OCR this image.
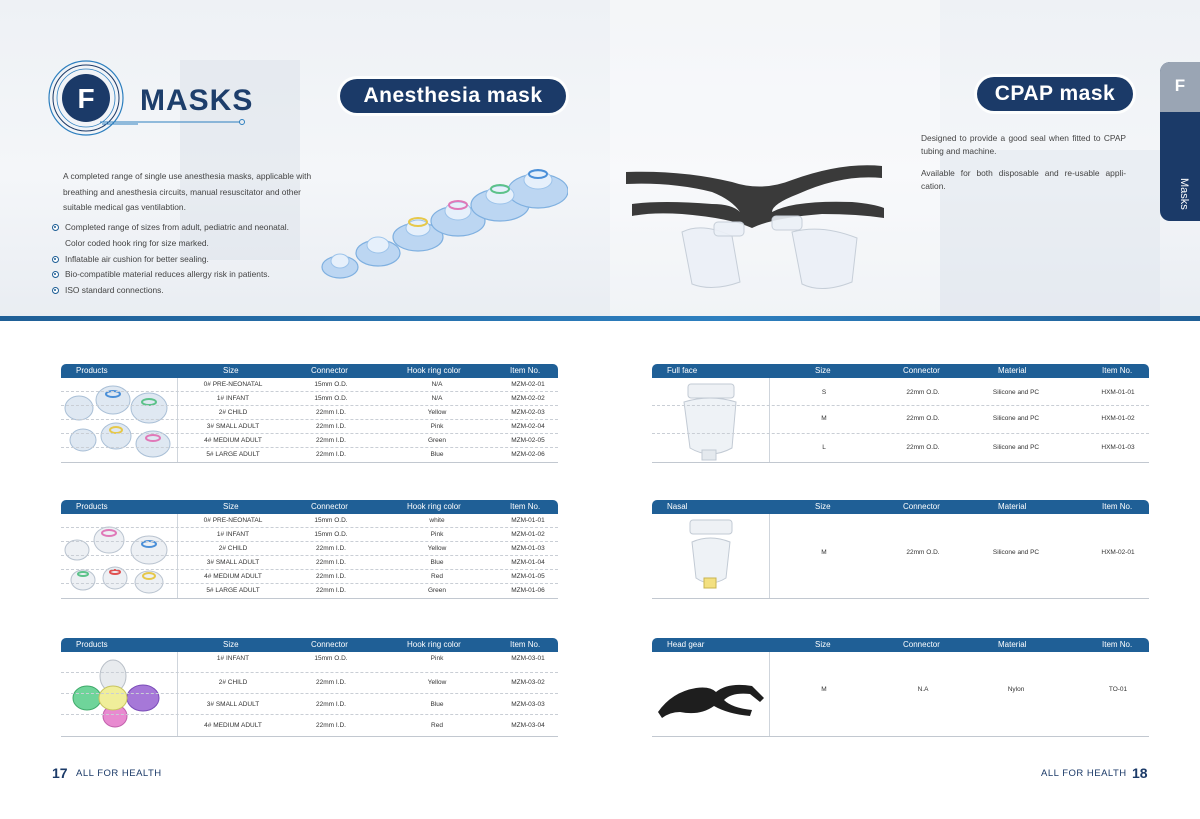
F MASKS	Anesthesia mask	CPAP mask
A completed range of single use anesthesia masks, applicable with breathing and anesthesia circuits, manual resuscitator and other suitable medical gas ventilabtion.
Completed range of sizes from adult, pediatric and neonatal.
Color coded hook ring for size marked.
Inflatable air cushion for better sealing.
Bio-compatible material reduces allergy risk in patients.
ISO standard connections.

Designed to provide a good seal when fitted to CPAP tubing and machine.

Available for both disposable and re-usable appli-cation.

F
Masks
Products	Size	Connector	Hook ring color	Item No.
0# PRE-NEONATAL	15mm O.D.	N/A	MZM-02-01
1# INFANT	15mm O.D.	N/A	MZM-02-02
2# CHILD	22mm I.D.	Yellow	MZM-02-03
3# SMALL ADULT	22mm I.D.	Pink	MZM-02-04
4# MEDIUM ADULT	22mm I.D.	Green	MZM-02-05
5# LARGE ADULT	22mm I.D.	Blue	MZM-02-06
Products	Size	Connector	Hook ring color	Item No.
0# PRE-NEONATAL	15mm O.D.	white	MZM-01-01
1# INFANT	15mm O.D.	Pink	MZM-01-02
2# CHILD	22mm I.D.	Yellow	MZM-01-03
3# SMALL ADULT	22mm I.D.	Blue	MZM-01-04
4# MEDIUM ADULT	22mm I.D.	Red	MZM-01-05
5# LARGE ADULT	22mm I.D.	Green	MZM-01-06
Products	Size	Connector	Hook ring color	Item No.
1# INFANT	15mm O.D.	Pink	MZM-03-01
2# CHILD	22mm I.D.	Yellow	MZM-03-02
3# SMALL ADULT	22mm I.D.	Blue	MZM-03-03
4# MEDIUM ADULT	22mm I.D.	Red	MZM-03-04
Full face	Size	Connector	Material	Item No.
S	22mm O.D.	Silicone and PC	HXM-01-01
M	22mm O.D.	Silicone and PC	HXM-01-02
L	22mm O.D.	Silicone and PC	HXM-01-03
Nasal	Size	Connector	Material	Item No.
M	22mm O.D.	Silicone and PC	HXM-02-01
Head gear	Size	Connector	Material	Item No.
M	N.A	Nylon	TO-01
17 ALL FOR HEALTH	ALL FOR HEALTH 18
